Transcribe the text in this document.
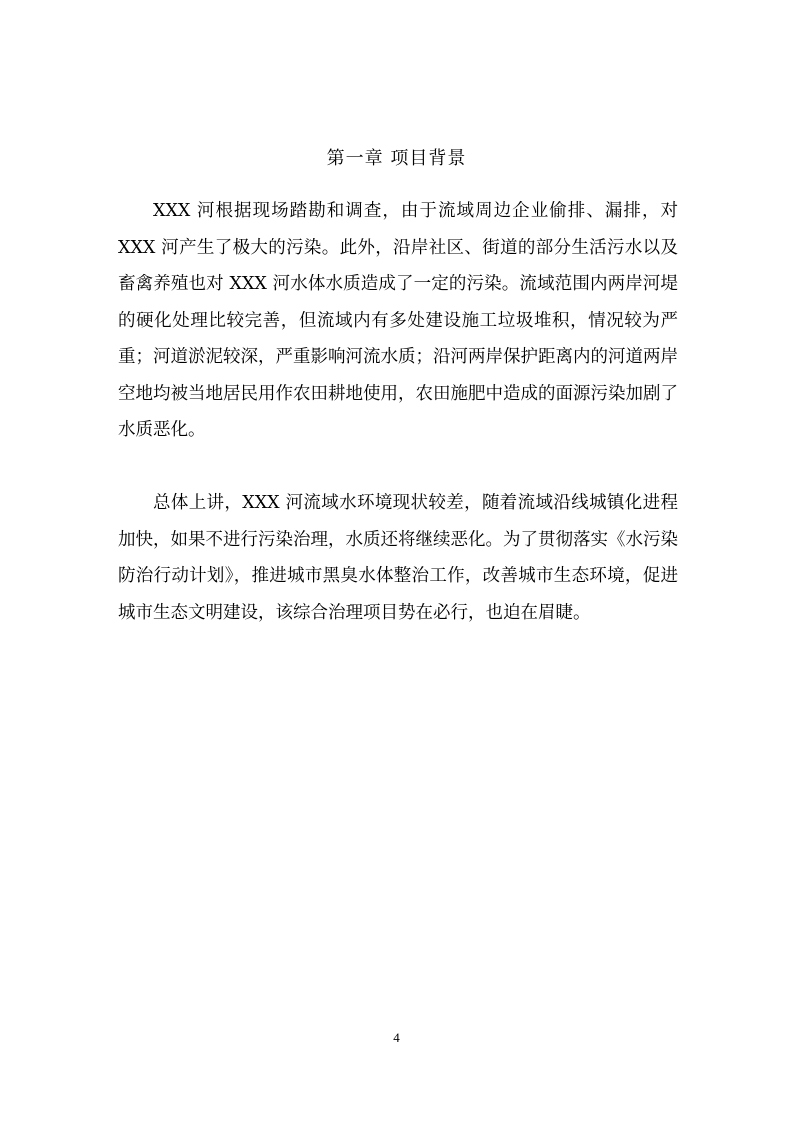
第一章 项目背景

XXX 河根据现场踏勘和调查，由于流域周边企业偷排、漏排，对 XXX 河产生了极大的污染。此外，沿岸社区、街道的部分生活污水以及畜禽养殖也对 XXX 河水体水质造成了一定的污染。流域范围内两岸河堤的硬化处理比较完善，但流域内有多处建设施工垃圾堆积，情况较为严重；河道淤泥较深，严重影响河流水质；沿河两岸保护距离内的河道两岸空地均被当地居民用作农田耕地使用，农田施肥中造成的面源污染加剧了水质恶化。

总体上讲，XXX 河流域水环境现状较差，随着流域沿线城镇化进程加快，如果不进行污染治理，水质还将继续恶化。为了贯彻落实《水污染防治行动计划》，推进城市黑臭水体整治工作，改善城市生态环境，促进城市生态文明建设，该综合治理项目势在必行，也迫在眉睫。

4
